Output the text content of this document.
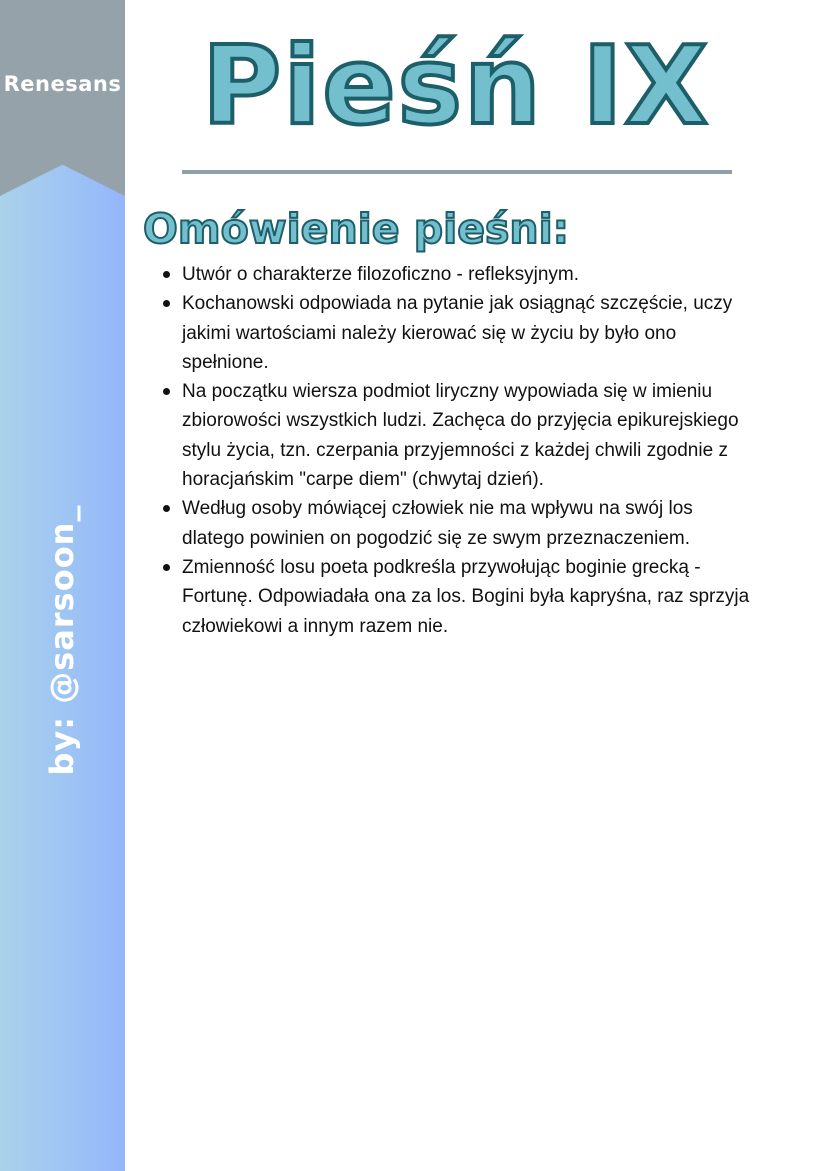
Renesans
by: @sarsoon_
Pieśń IX
Omówienie pieśni:
Utwór o charakterze filozoficzno - refleksyjnym.
Kochanowski odpowiada na pytanie jak osiągnąć szczęście, uczy jakimi wartościami należy kierować się w życiu by było ono spełnione.
Na początku wiersza podmiot liryczny wypowiada się w imieniu zbiorowości wszystkich ludzi. Zachęca do przyjęcia epikurejskiego stylu życia, tzn. czerpania przyjemności z każdej chwili zgodnie z horacjańskim "carpe diem" (chwytaj dzień).
Według osoby mówiącej człowiek nie ma wpływu na swój los dlatego powinien on pogodzić się ze swym przeznaczeniem.
Zmienność losu poeta podkreśla przywołując boginie grecką - Fortunę. Odpowiadała ona za los. Bogini była kapryśna, raz sprzyja człowiekowi a innym razem nie.
